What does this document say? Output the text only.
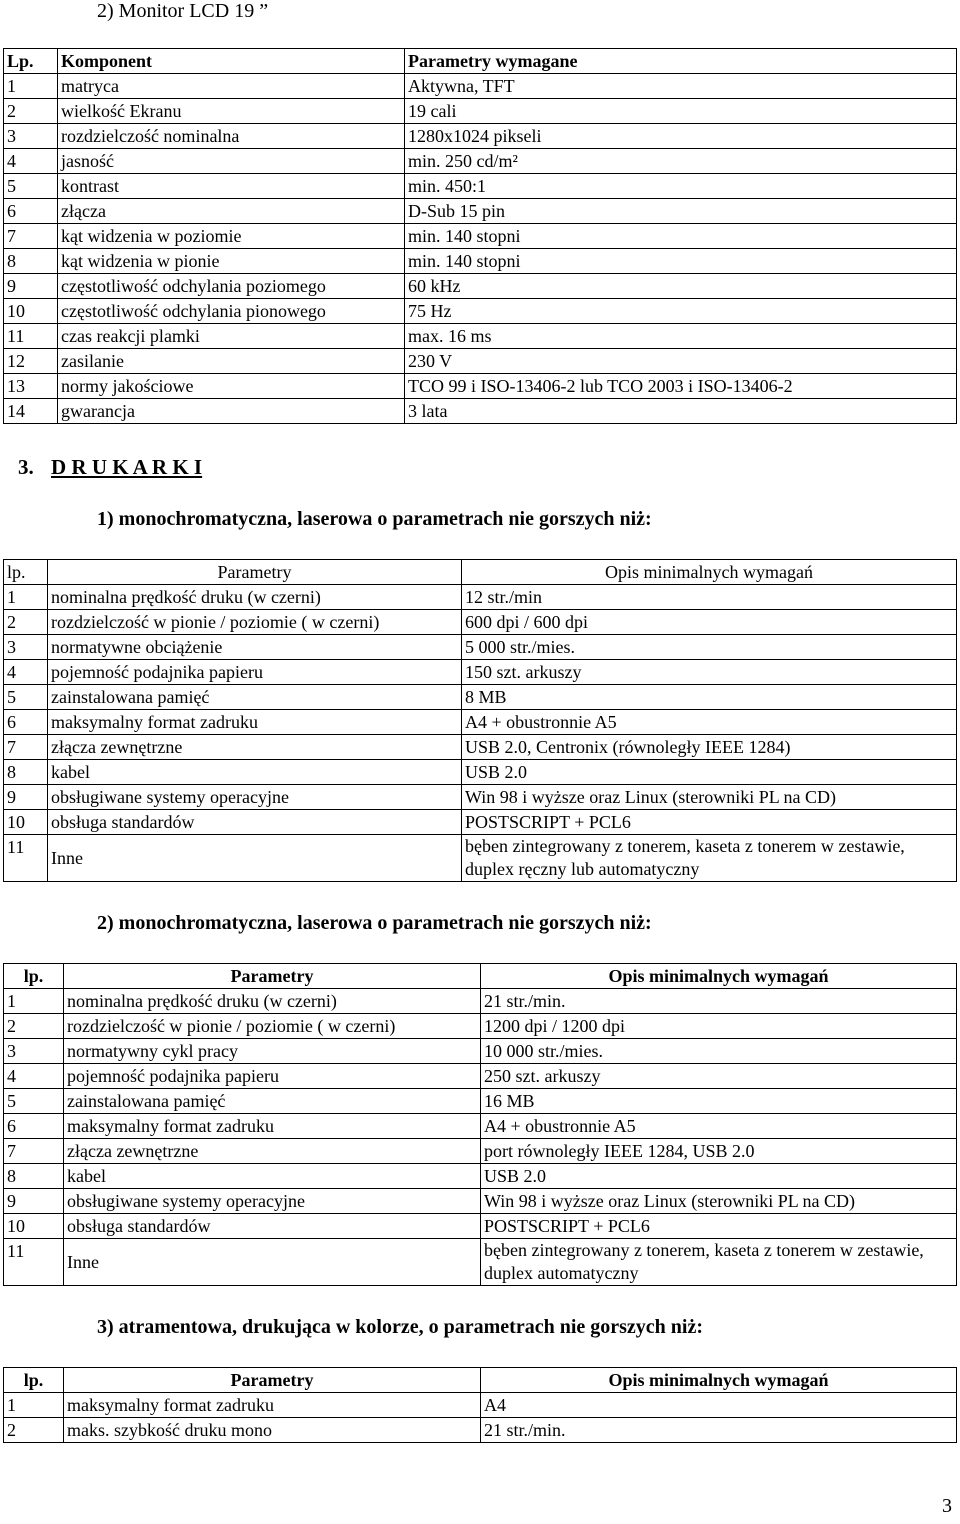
2) Monitor LCD 19 ”
Lp.	Komponent	Parametry wymagane
1	matryca	Aktywna, TFT
2	wielkość Ekranu	19 cali
3	rozdzielczość nominalna	1280x1024 pikseli
4	jasność	min. 250 cd/m²
5	kontrast	min. 450:1
6	złącza	D-Sub 15 pin
7	kąt widzenia w poziomie	min. 140 stopni
8	kąt widzenia w pionie	min. 140 stopni
9	częstotliwość odchylania poziomego	60 kHz
10	częstotliwość odchylania pionowego	75 Hz
11	czas reakcji plamki	max. 16 ms
12	zasilanie	230 V
13	normy jakościowe	TCO 99 i ISO-13406-2 lub TCO 2003 i ISO-13406-2
14	gwarancja	3 lata
3. D R U K A R K I
1) monochromatyczna, laserowa o parametrach nie gorszych niż:
lp.	Parametry	Opis minimalnych wymagań
1	nominalna prędkość druku (w czerni)	12 str./min
2	rozdzielczość w pionie / poziomie ( w czerni)	600 dpi / 600 dpi
3	normatywne obciążenie	5 000 str./mies.
4	pojemność podajnika papieru	150 szt. arkuszy
5	zainstalowana pamięć	8 MB
6	maksymalny format zadruku	A4 + obustronnie A5
7	złącza zewnętrzne	USB 2.0, Centronix (równoległy IEEE 1284)
8	kabel	USB 2.0
9	obsługiwane systemy operacyjne	Win 98 i wyższe oraz Linux (sterowniki PL na CD)
10	obsługa standardów	POSTSCRIPT + PCL6
11	Inne	bęben zintegrowany z tonerem, kaseta z tonerem w zestawie, duplex ręczny lub automatyczny
2) monochromatyczna, laserowa o parametrach nie gorszych niż:
lp.	Parametry	Opis minimalnych wymagań
1	nominalna prędkość druku (w czerni)	21 str./min.
2	rozdzielczość w pionie / poziomie ( w czerni)	1200 dpi / 1200 dpi
3	normatywny cykl pracy	10 000 str./mies.
4	pojemność podajnika papieru	250 szt. arkuszy
5	zainstalowana pamięć	16 MB
6	maksymalny format zadruku	A4 + obustronnie A5
7	złącza zewnętrzne	port równoległy IEEE 1284, USB 2.0
8	kabel	USB 2.0
9	obsługiwane systemy operacyjne	Win 98 i wyższe oraz Linux (sterowniki PL na CD)
10	obsługa standardów	POSTSCRIPT + PCL6
11	Inne	bęben zintegrowany z tonerem, kaseta z tonerem w zestawie, duplex automatyczny
3) atramentowa, drukująca w kolorze, o parametrach nie gorszych niż:
lp.	Parametry	Opis minimalnych wymagań
1	maksymalny format zadruku	A4
2	maks. szybkość druku mono	21 str./min.
3
